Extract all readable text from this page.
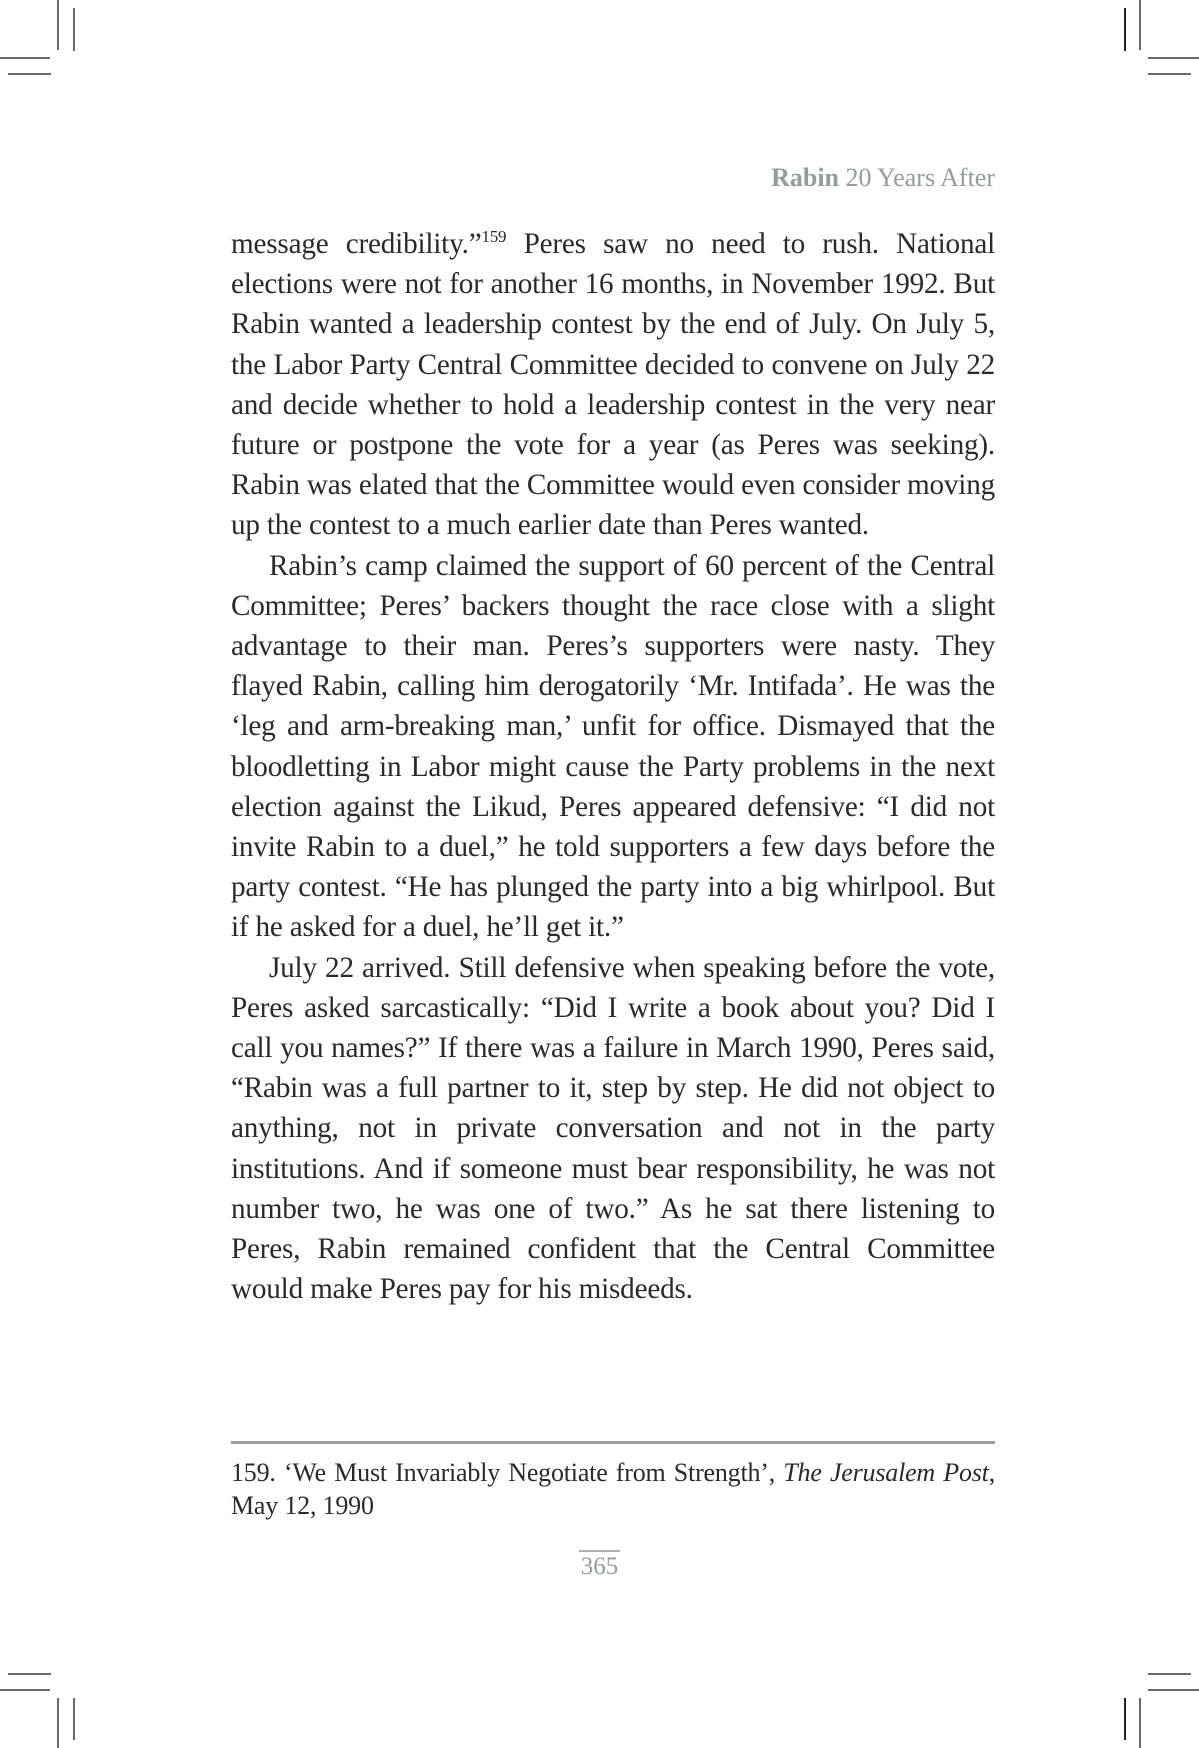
Rabin 20 Years After

message credibility.”$^{159}$ Peres saw no need to rush. National elections were not for another 16 months, in November 1992. But Rabin wanted a leadership contest by the end of July. On July 5, the Labor Party Central Committee decided to convene on July 22 and decide whether to hold a leadership contest in the very near future or postpone the vote for a year (as Peres was seeking). Rabin was elated that the Committee would even consider moving up the contest to a much earlier date than Peres wanted.

Rabin’s camp claimed the support of 60 percent of the Central Committee; Peres’ backers thought the race close with a slight advantage to their man. Peres’s supporters were nasty. They flayed Rabin, calling him derogatorily ‘Mr. Intifada’. He was the ‘leg and arm-breaking man,’ unfit for office. Dismayed that the bloodletting in Labor might cause the Party problems in the next election against the Likud, Peres appeared defensive: “I did not invite Rabin to a duel,” he told supporters a few days before the party contest. “He has plunged the party into a big whirlpool. But if he asked for a duel, he’ll get it.”

July 22 arrived. Still defensive when speaking before the vote, Peres asked sarcastically: “Did I write a book about you? Did I call you names?” If there was a failure in March 1990, Peres said, “Rabin was a full partner to it, step by step. He did not object to anything, not in private conversation and not in the party institutions. And if someone must bear responsibility, he was not number two, he was one of two.” As he sat there listening to Peres, Rabin remained confident that the Central Committee would make Peres pay for his misdeeds.

159. ‘We Must Invariably Negotiate from Strength’, The Jerusalem Post, May 12, 1990
365
